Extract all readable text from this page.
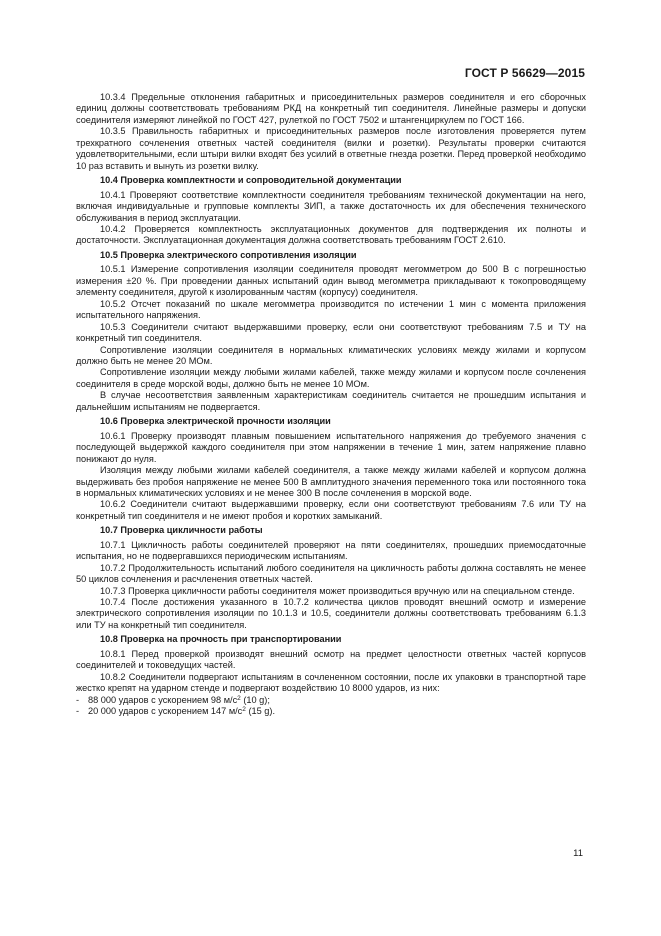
ГОСТ Р 56629—2015

10.3.4 Предельные отклонения габаритных и присоединительных размеров соединителя и его сборочных единиц должны соответствовать требованиям РКД на конкретный тип соединителя. Линейные размеры и допуски соединителя измеряют линейкой по ГОСТ 427, рулеткой по ГОСТ 7502 и штангенциркулем по ГОСТ 166.

10.3.5 Правильность габаритных и присоединительных размеров после изготовления проверяется путем трехкратного сочленения ответных частей соединителя (вилки и розетки). Результаты проверки считаются удовлетворительными, если штыри вилки входят без усилий в ответные гнезда розетки. Перед проверкой необходимо 10 раз вставить и вынуть из розетки вилку.

10.4 Проверка комплектности и сопроводительной документации

10.4.1 Проверяют соответствие комплектности соединителя требованиям технической документации на него, включая индивидуальные и групповые комплекты ЗИП, а также достаточность их для обеспечения технического обслуживания в период эксплуатации.

10.4.2 Проверяется комплектность эксплуатационных документов для подтверждения их полноты и достаточности. Эксплуатационная документация должна соответствовать требованиям ГОСТ 2.610.

10.5 Проверка электрического сопротивления изоляции

10.5.1 Измерение сопротивления изоляции соединителя проводят мегомметром до 500 В с погрешностью измерения ±20 %. При проведении данных испытаний один вывод мегомметра прикладывают к токопроводящему элементу соединителя, другой к изолированным частям (корпусу) соединителя.

10.5.2 Отсчет показаний по шкале мегомметра производится по истечении 1 мин с момента приложения испытательного напряжения.

10.5.3 Соединители считают выдержавшими проверку, если они соответствуют требованиям 7.5 и ТУ на конкретный тип соединителя.

Сопротивление изоляции соединителя в нормальных климатических условиях между жилами и корпусом должно быть не менее 20 МОм.

Сопротивление изоляции между любыми жилами кабелей, также между жилами и корпусом после сочленения соединителя в среде морской воды, должно быть не менее 10 МОм.

В случае несоответствия заявленным характеристикам соединитель считается не прошедшим испытания и дальнейшим испытаниям не подвергается.

10.6 Проверка электрической прочности изоляции

10.6.1 Проверку производят плавным повышением испытательного напряжения до требуемого значения с последующей выдержкой каждого соединителя при этом напряжении в течение 1 мин, затем напряжение плавно понижают до нуля.

Изоляция между любыми жилами кабелей соединителя, а также между жилами кабелей и корпусом должна выдерживать без пробоя напряжение не менее 500 В амплитудного значения переменного тока или постоянного тока в нормальных климатических условиях и не менее 300 В после сочленения в морской воде.

10.6.2 Соединители считают выдержавшими проверку, если они соответствуют требованиям 7.6 или ТУ на конкретный тип соединителя и не имеют пробоя и коротких замыканий.

10.7 Проверка цикличности работы

10.7.1 Цикличность работы соединителей проверяют на пяти соединителях, прошедших приемосдаточные испытания, но не подвергавшихся периодическим испытаниям.

10.7.2 Продолжительность испытаний любого соединителя на цикличность работы должна составлять не менее 50 циклов сочленения и расчленения ответных частей.

10.7.3 Проверка цикличности работы соединителя может производиться вручную или на специальном стенде.

10.7.4 После достижения указанного в 10.7.2 количества циклов проводят внешний осмотр и измерение электрического сопротивления изоляции по 10.1.3 и 10.5, соединители должны соответствовать требованиям 6.1.3 или ТУ на конкретный тип соединителя.

10.8 Проверка на прочность при транспортировании

10.8.1 Перед проверкой производят внешний осмотр на предмет целостности ответных частей корпусов соединителей и токоведущих частей.

10.8.2 Соединители подвергают испытаниям в сочлененном состоянии, после их упаковки в транспортной таре жестко крепят на ударном стенде и подвергают воздействию 10 8000 ударов, из них:

- 88 000 ударов с ускорением 98 $м/с^2$ (10 g);

- 20 000 ударов с ускорением 147 $м/с^2$ (15 g).

11
